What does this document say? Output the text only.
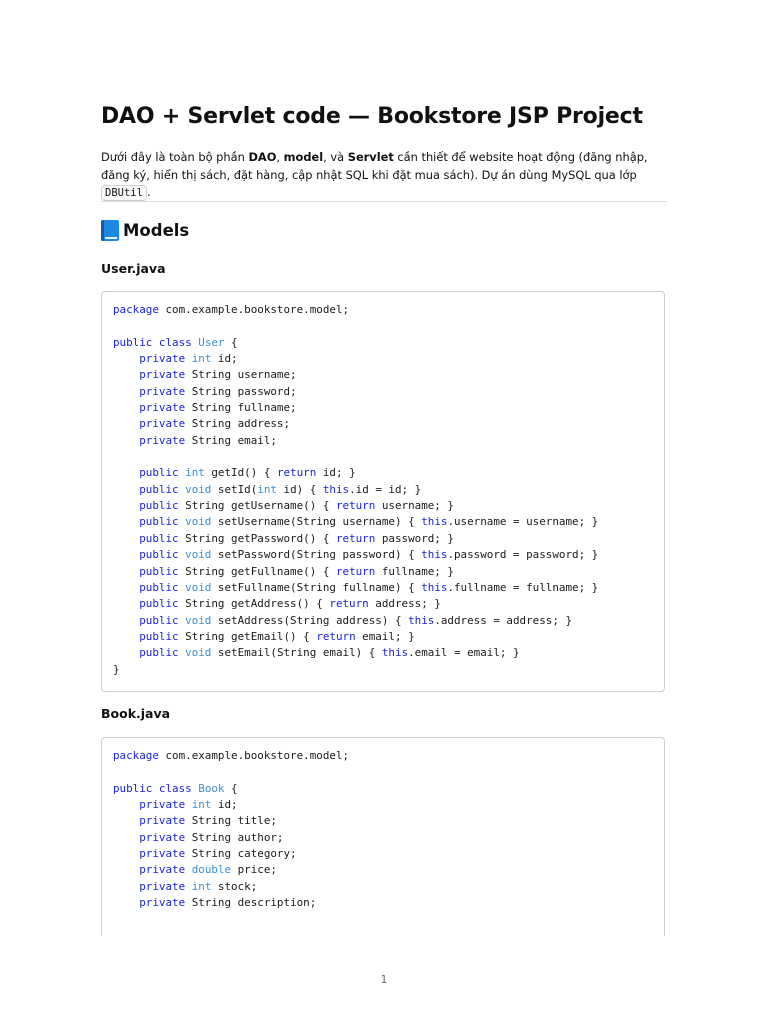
DAO + Servlet code — Bookstore JSP Project

Dưới đây là toàn bộ phần DAO, model, và Servlet cần thiết để website hoạt động (đăng nhập, đăng ký, hiển thị sách, đặt hàng, cập nhật SQL khi đặt mua sách). Dự án dùng MySQL qua lớp DBUtil .

Models
User.java
package com.example.bookstore.model;

public class User {
private int id;
private String username;
private String password;
private String fullname;
private String address;
private String email;

public int getId() { return id; }
public void setId(int id) { this.id = id; }
public String getUsername() { return username; }
public void setUsername(String username) { this.username = username; }
public String getPassword() { return password; }
public void setPassword(String password) { this.password = password; }
public String getFullname() { return fullname; }
public void setFullname(String fullname) { this.fullname = fullname; }
public String getAddress() { return address; }
public void setAddress(String address) { this.address = address; }
public String getEmail() { return email; }
public void setEmail(String email) { this.email = email; }
}
Book.java
package com.example.bookstore.model;

public class Book {
private int id;
private String title;
private String author;
private String category;
private double price;
private int stock;
private String description;

1
